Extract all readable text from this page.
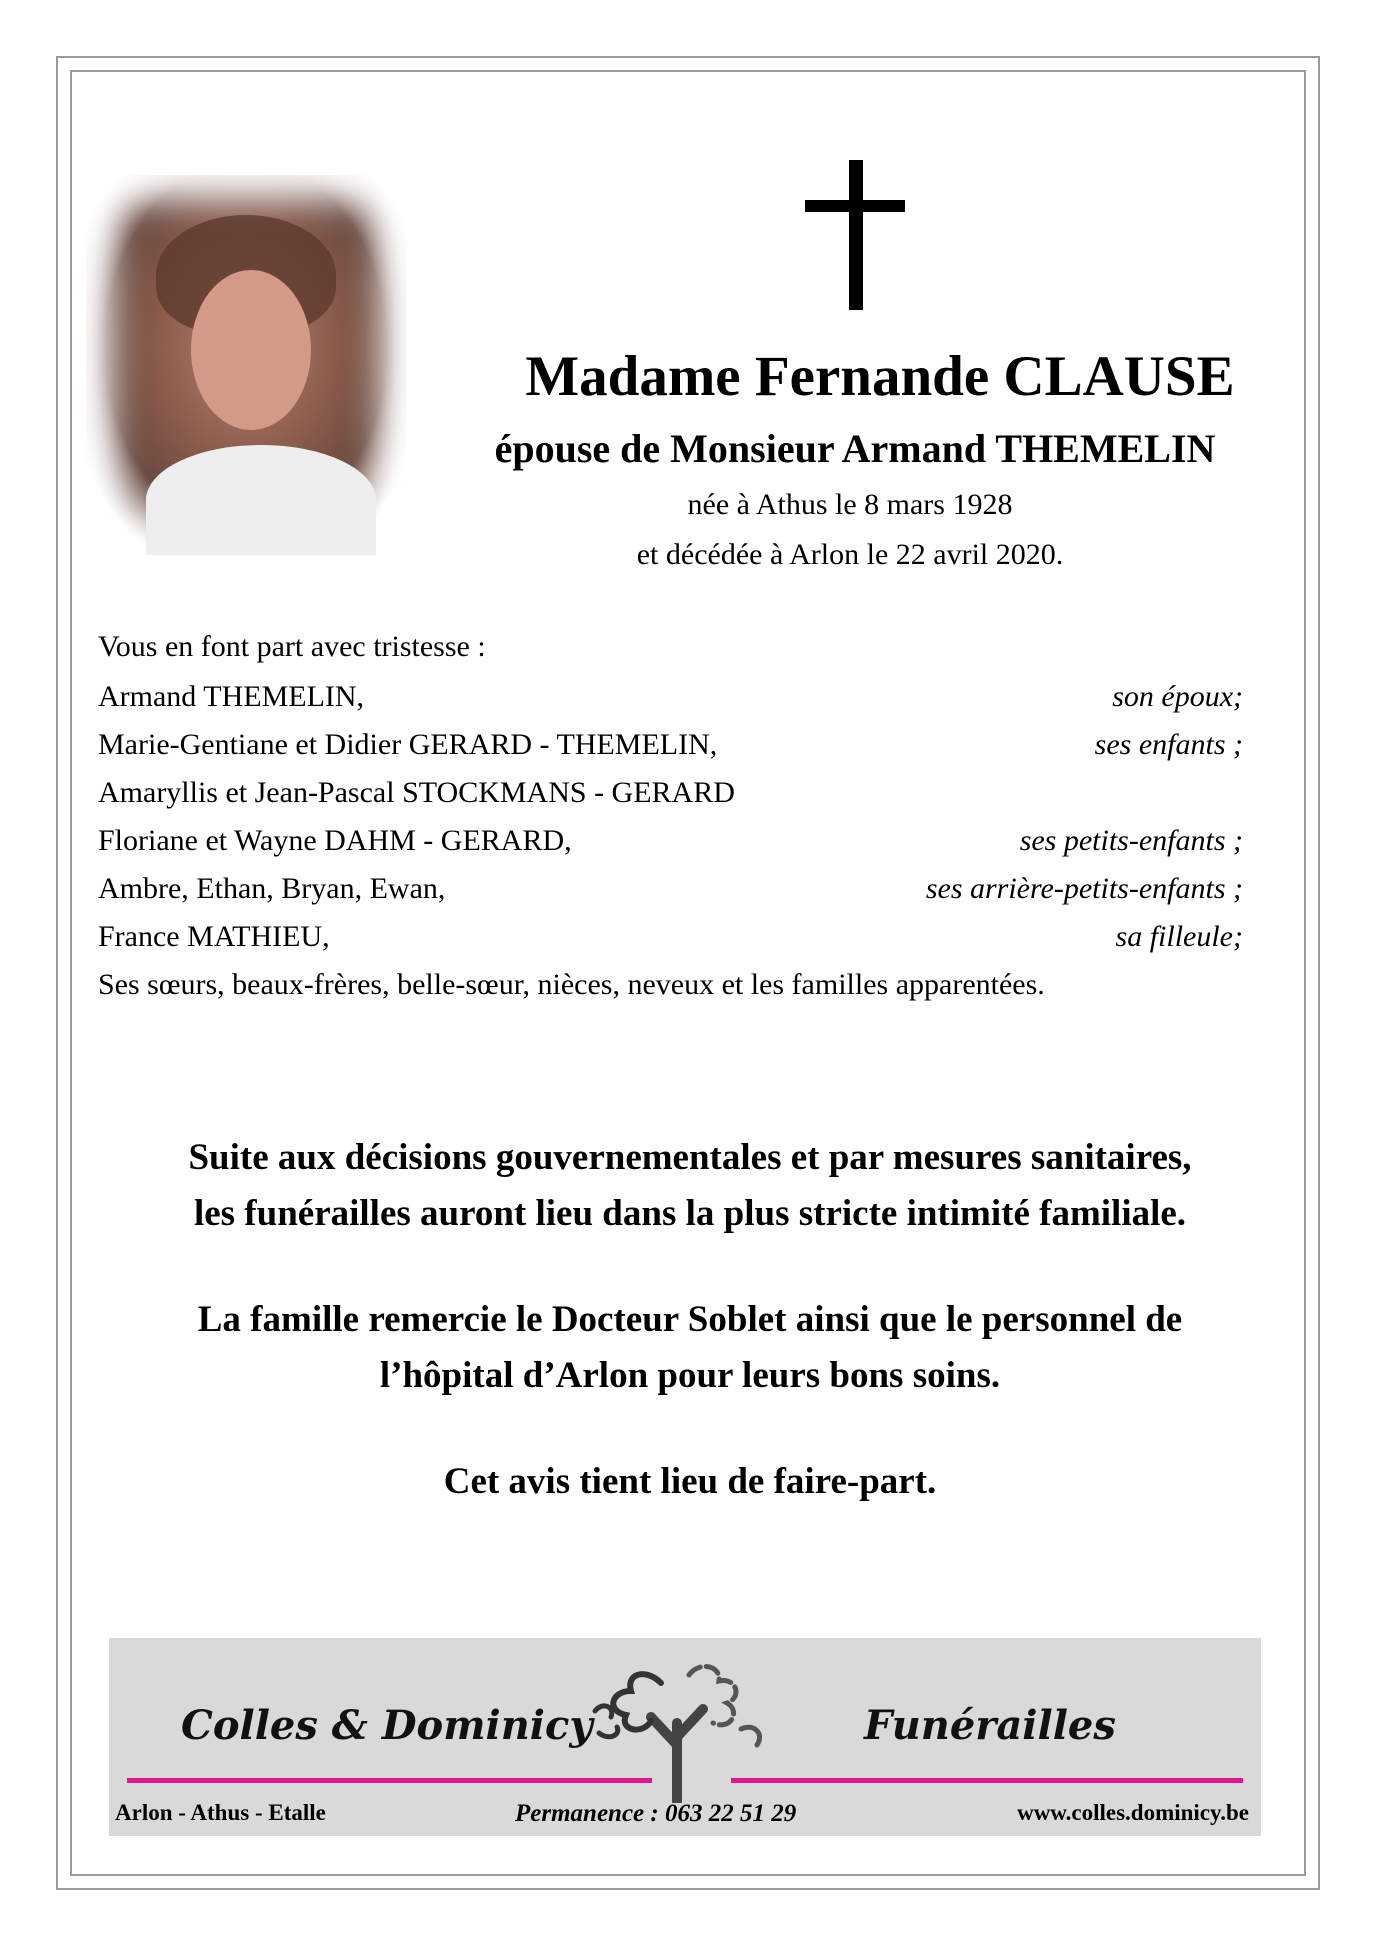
Madame Fernande CLAUSE
épouse de Monsieur Armand THEMELIN
née à Athus le 8 mars 1928
et décédée à Arlon le 22 avril 2020.
Vous en font part avec tristesse :
Armand THEMELIN,	son époux;
Marie-Gentiane et Didier GERARD - THEMELIN,	ses enfants ;
Amaryllis et Jean-Pascal STOCKMANS - GERARD
Floriane et Wayne DAHM - GERARD,	ses petits-enfants ;
Ambre, Ethan, Bryan, Ewan,	ses arrière-petits-enfants ;
France MATHIEU,	sa filleule;
Ses sœurs, beaux-frères, belle-sœur, nièces, neveux et les familles apparentées.
Suite aux décisions gouvernementales et par mesures sanitaires,
les funérailles auront lieu dans la plus stricte intimité familiale.
La famille remercie le Docteur Soblet ainsi que le personnel de
l’hôpital d’Arlon pour leurs bons soins.
Cet avis tient lieu de faire-part.
Colles & Dominicy	Funérailles
Arlon - Athus - Etalle	Permanence : 063 22 51 29	www.colles.dominicy.be
